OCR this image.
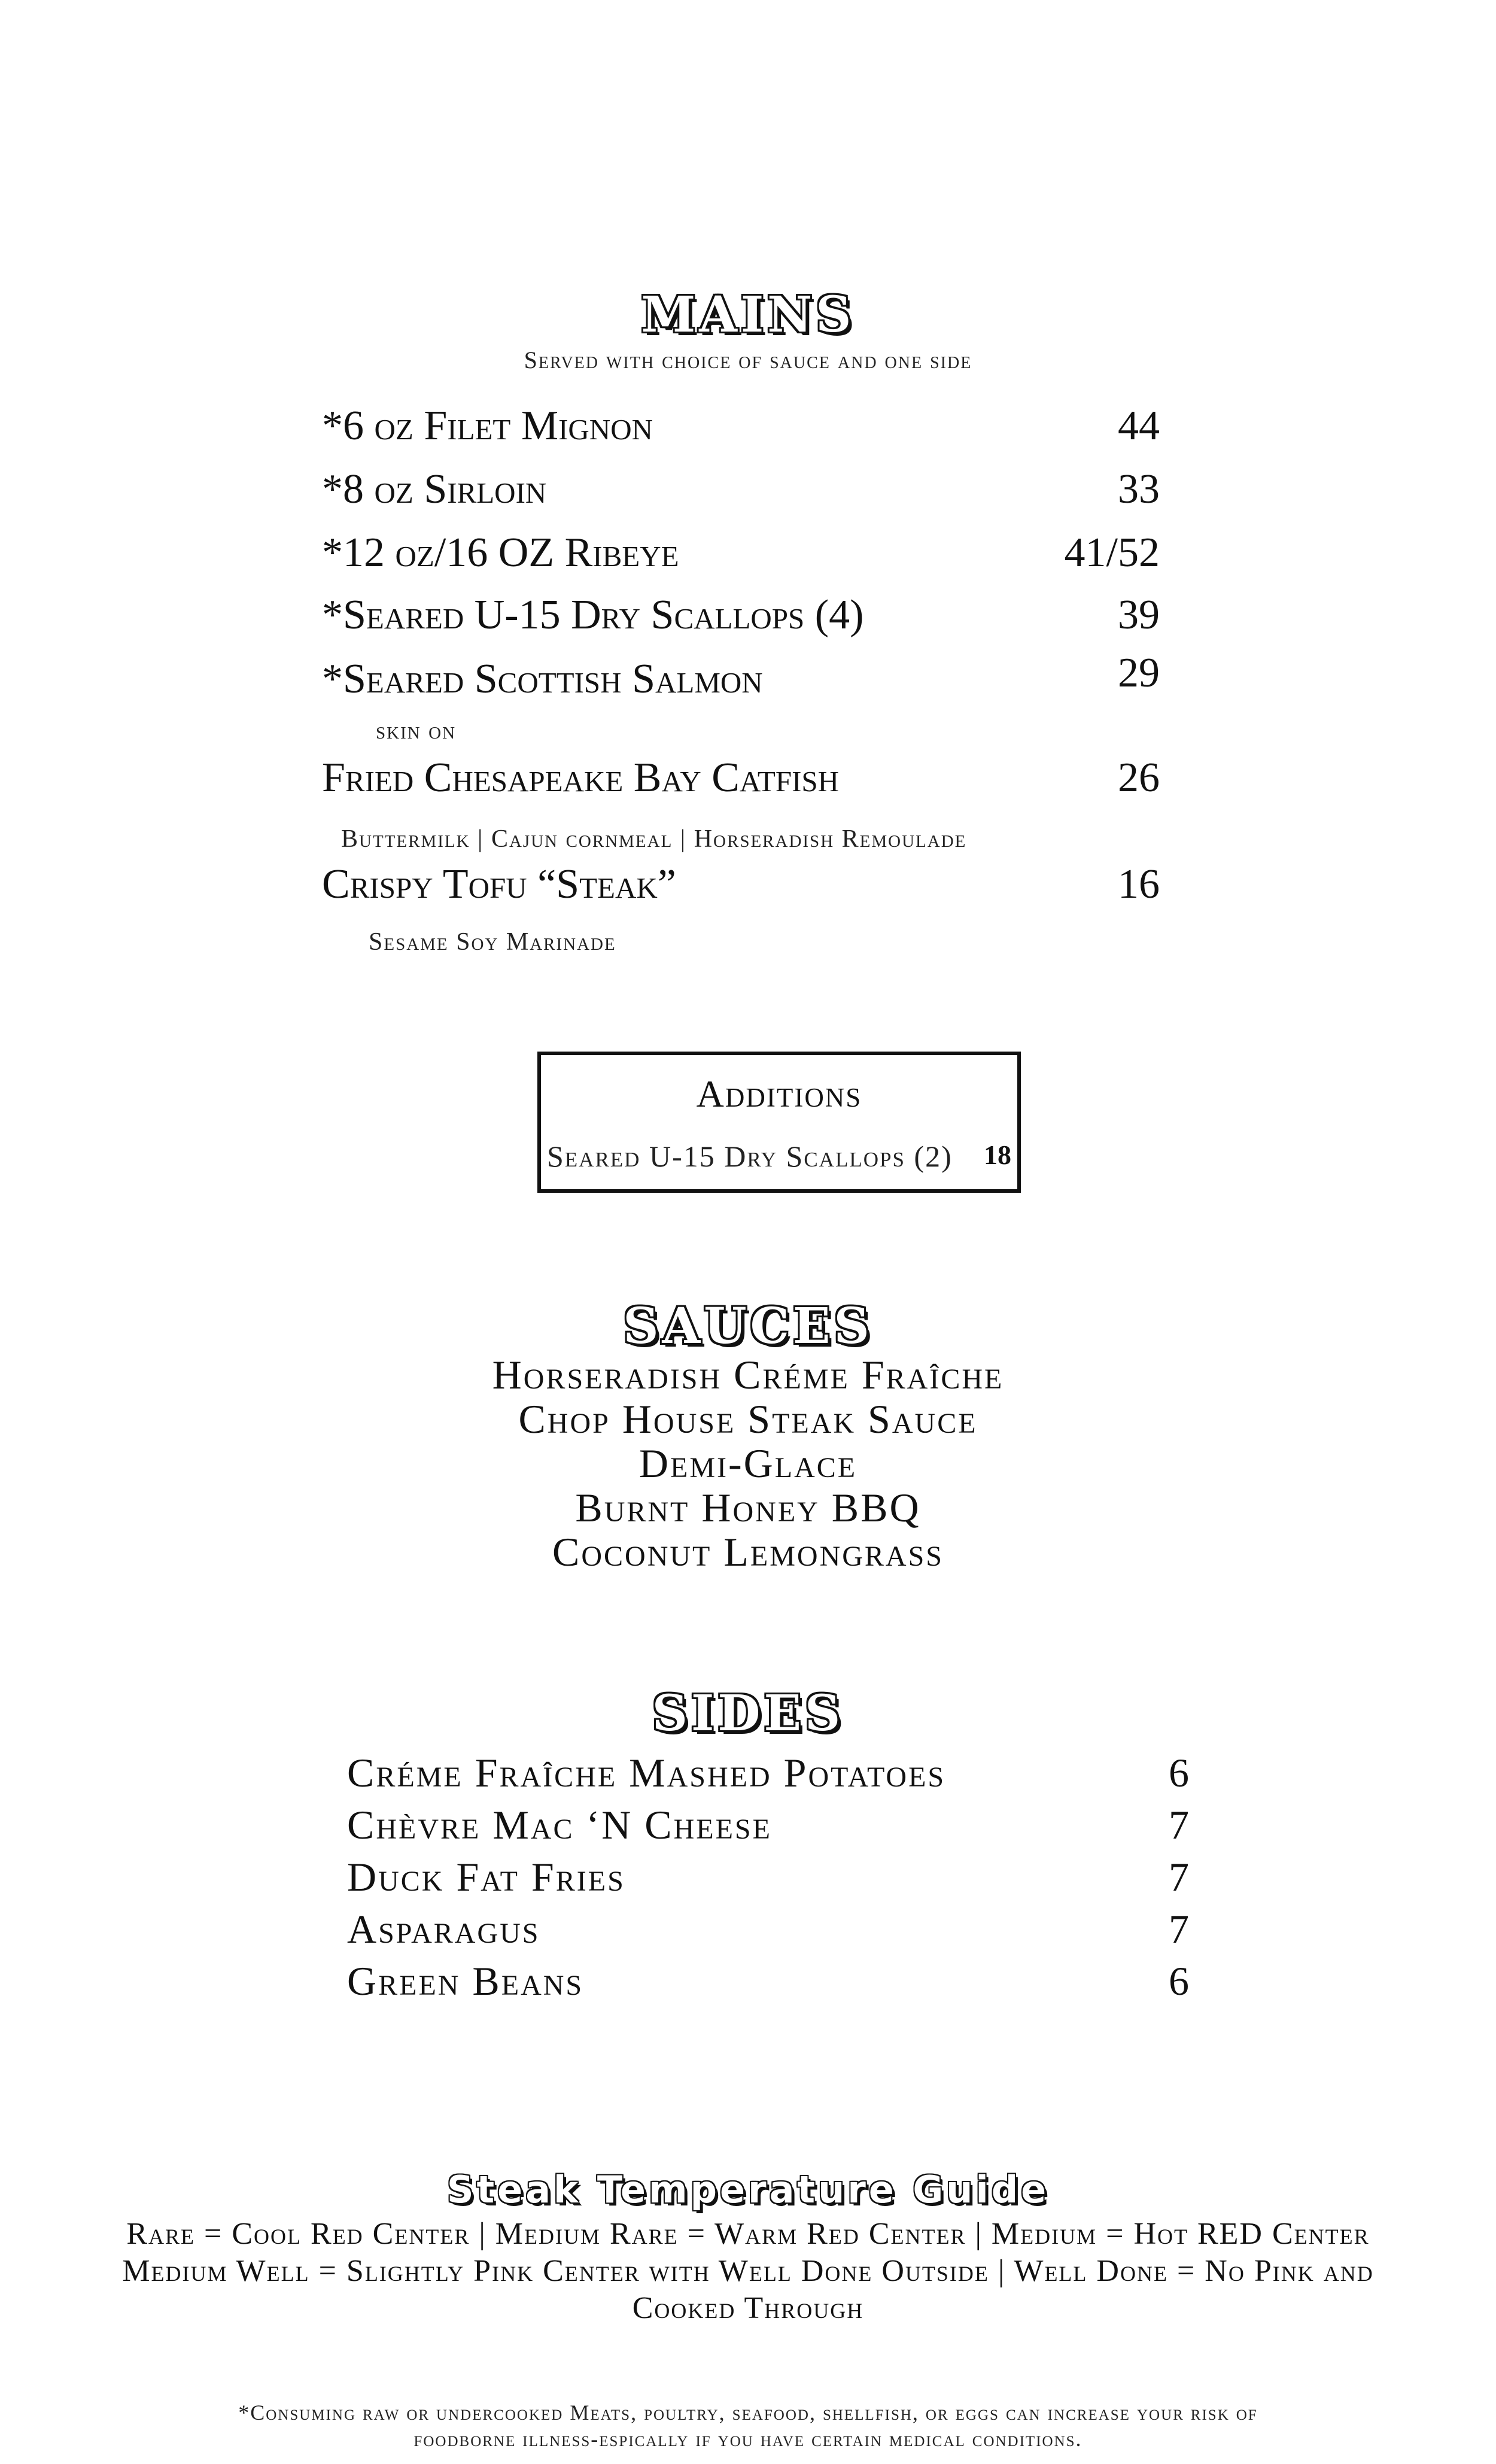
MAINS
Served with choice of sauce and one side
*6 oz Filet Mignon	44
*8 oz Sirloin	33
*12 oz/16 OZ Ribeye	41/52
*Seared U-15 Dry Scallops (4)	39
*Seared Scottish Salmon	29
skin on
Fried Chesapeake Bay Catfish	26
Buttermilk | Cajun cornmeal | Horseradish Remoulade
Crispy Tofu “Steak”	16
Sesame Soy Marinade
Additions
Seared U-15 Dry Scallops (2) 18
SAUCES
Horseradish Créme Fraîche
Chop House Steak Sauce
Demi-Glace
Burnt Honey BBQ
Coconut Lemongrass
SIDES
Créme Fraîche Mashed Potatoes	6
Chèvre Mac ‘N Cheese	7
Duck Fat Fries	7
Asparagus	7
Green Beans	6
Steak Temperature Guide
Rare = Cool Red Center | Medium Rare = Warm Red Center | Medium = Hot RED Center
Medium Well = Slightly Pink Center with Well Done Outside | Well Done = No Pink and
Cooked Through
*Consuming raw or undercooked Meats, poultry, seafood, shellfish, or eggs can increase your risk of
foodborne illness-espically if you have certain medical conditions.
